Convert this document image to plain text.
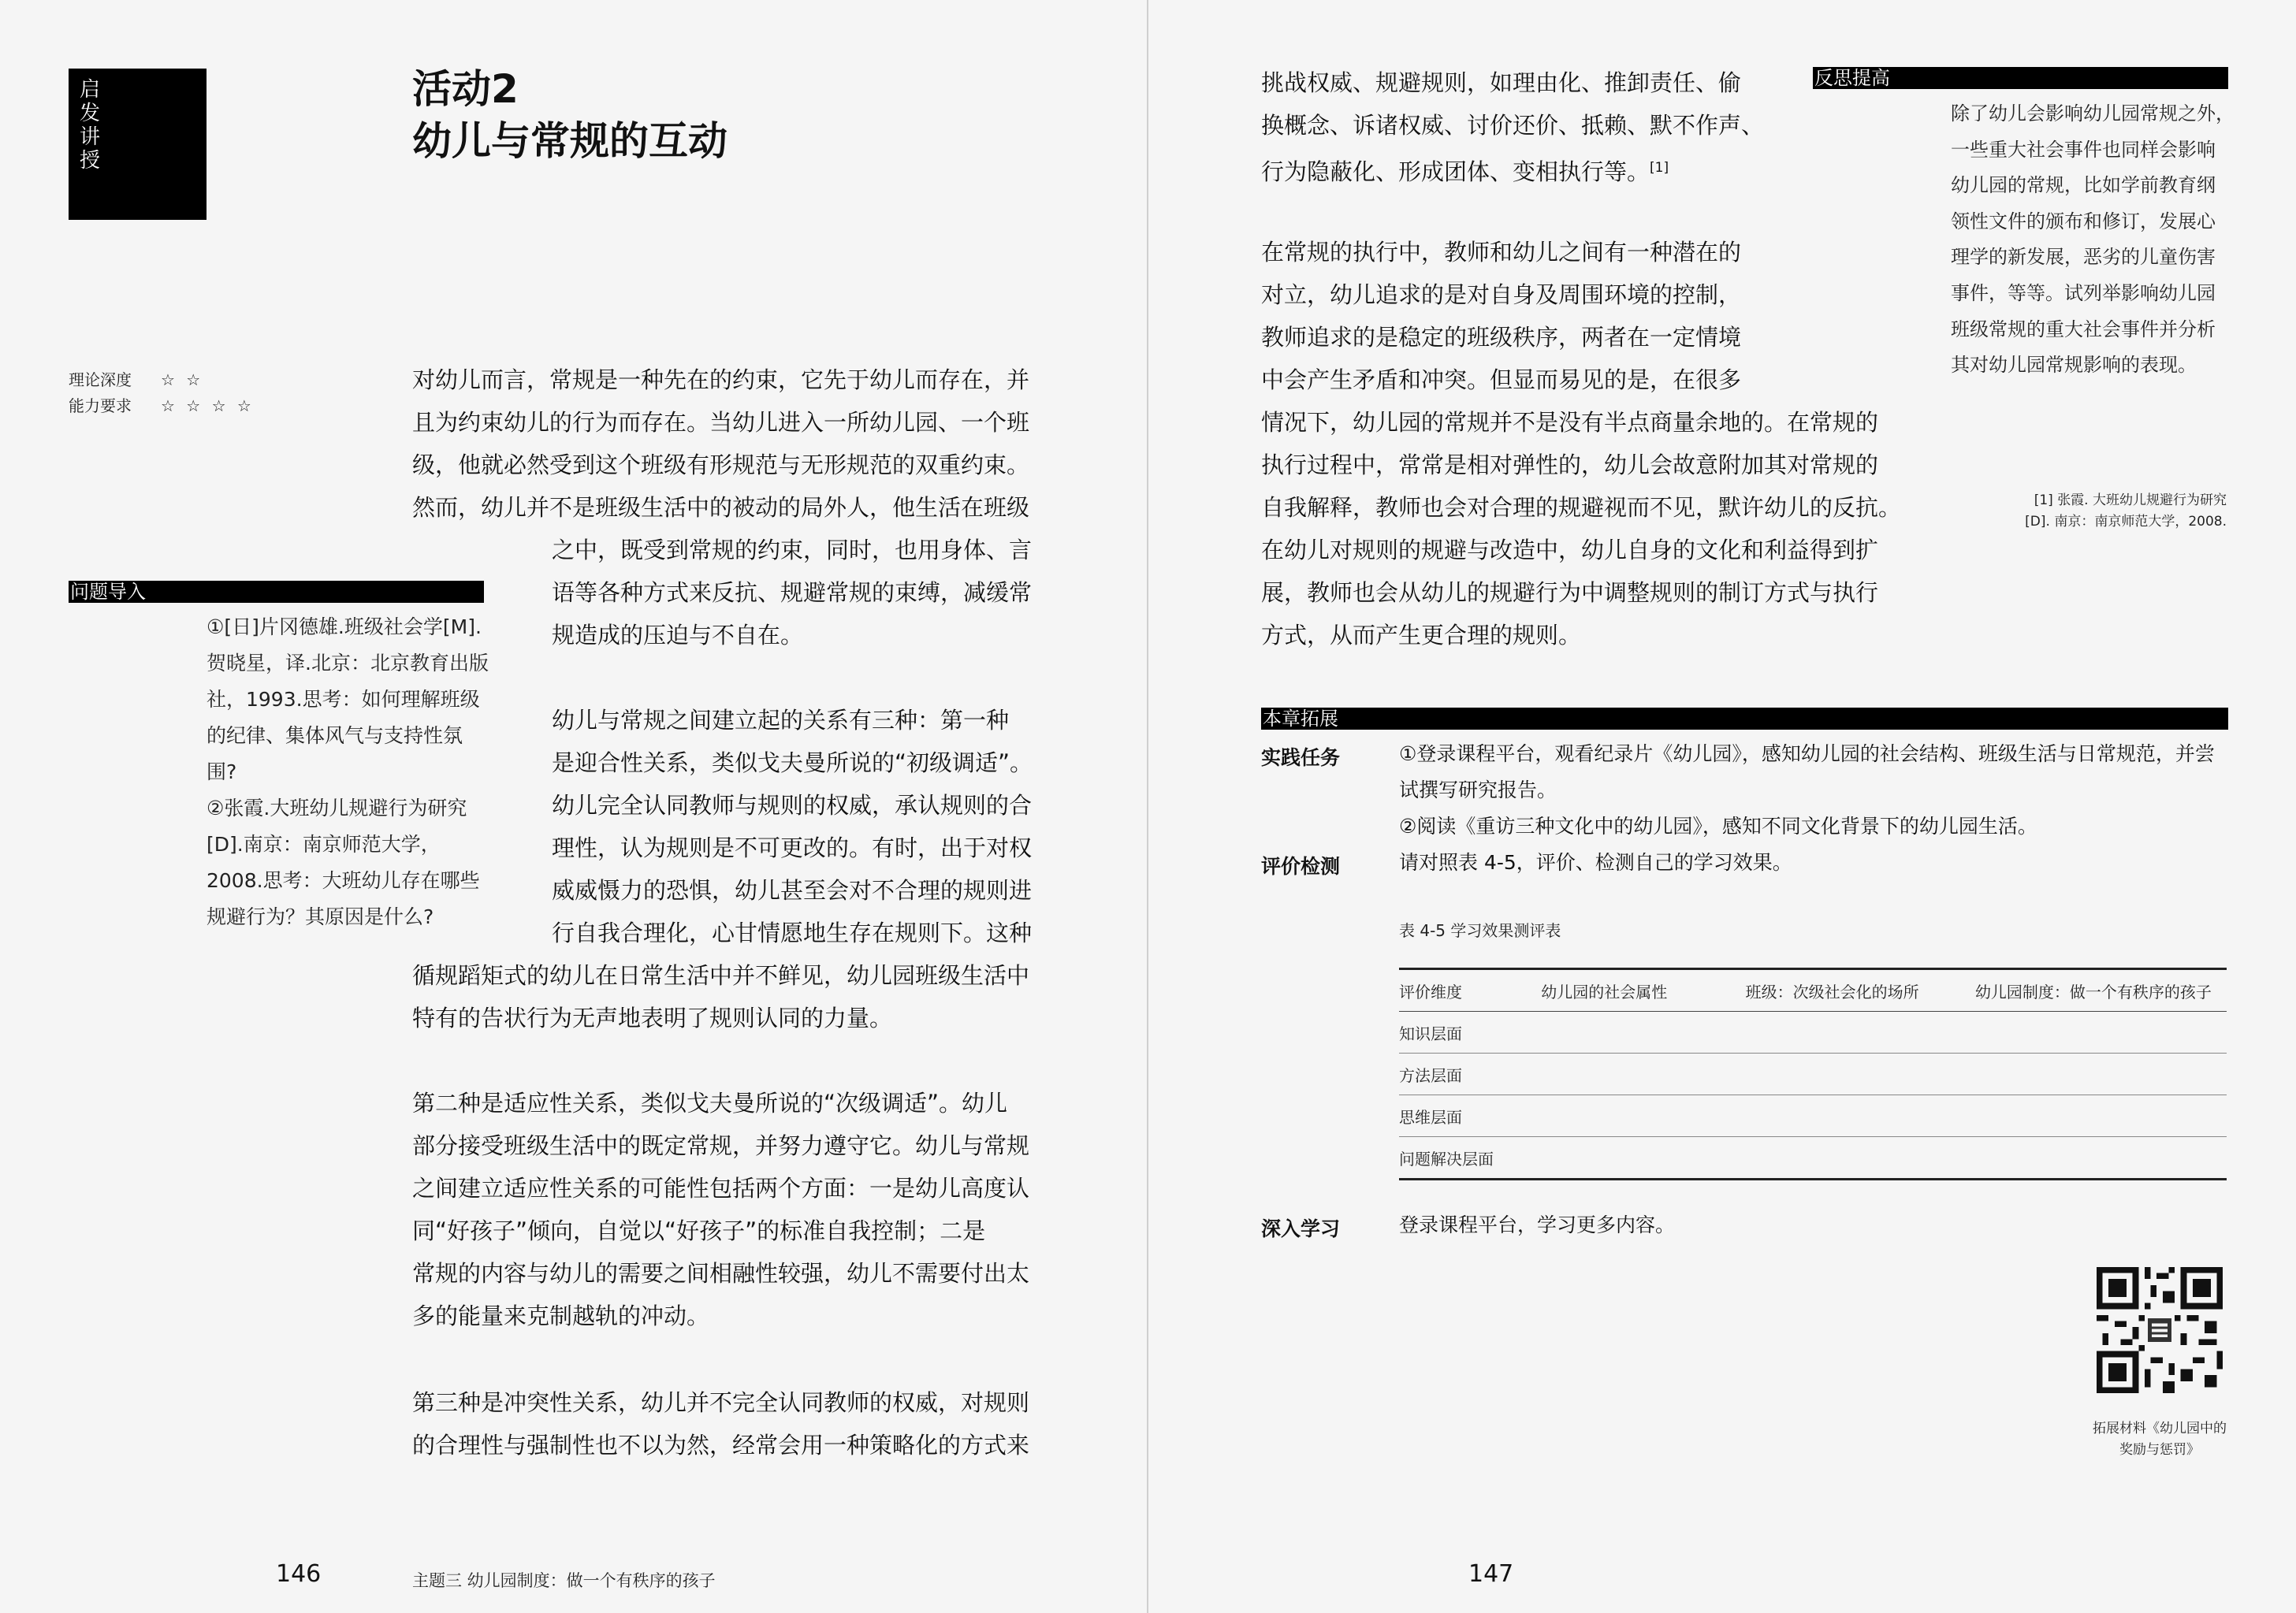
启发讲授
活动2
幼儿与常规的互动
理论深度	☆ ☆
能力要求	☆ ☆ ☆ ☆
问题导入
①[日]片冈德雄.班级社会学[M].贺晓星，译.北京：北京教育出版社，1993.思考：如何理解班级的纪律、集体风气与支持性氛围?
②张霞.大班幼儿规避行为研究[D].南京：南京师范大学，2008.思考：大班幼儿存在哪些规避行为？其原因是什么?
对幼儿而言，常规是一种先在的约束，它先于幼儿而存在，并
且为约束幼儿的行为而存在。当幼儿进入一所幼儿园、一个班
级，他就必然受到这个班级有形规范与无形规范的双重约束。
然而，幼儿并不是班级生活中的被动的局外人，他生活在班级
之中，既受到常规的约束，同时，也用身体、言
语等各种方式来反抗、规避常规的束缚，减缓常
规造成的压迫与不自在。
幼儿与常规之间建立起的关系有三种：第一种
是迎合性关系，类似戈夫曼所说的“初级调适”。
幼儿完全认同教师与规则的权威，承认规则的合
理性，认为规则是不可更改的。有时，出于对权
威威慑力的恐惧，幼儿甚至会对不合理的规则进
行自我合理化，心甘情愿地生存在规则下。这种
循规蹈矩式的幼儿在日常生活中并不鲜见，幼儿园班级生活中
特有的告状行为无声地表明了规则认同的力量。
第二种是适应性关系，类似戈夫曼所说的“次级调适”。幼儿
部分接受班级生活中的既定常规，并努力遵守它。幼儿与常规
之间建立适应性关系的可能性包括两个方面：一是幼儿高度认
同“好孩子”倾向，自觉以“好孩子”的标准自我控制；二是
常规的内容与幼儿的需要之间相融性较强，幼儿不需要付出太
多的能量来克制越轨的冲动。
第三种是冲突性关系，幼儿并不完全认同教师的权威，对规则
的合理性与强制性也不以为然，经常会用一种策略化的方式来
146	主题三 幼儿园制度：做一个有秩序的孩子
挑战权威、规避规则，如理由化、推卸责任、偷
换概念、诉诸权威、讨价还价、抵赖、默不作声、
行为隐蔽化、形成团体、变相执行等。[1]
在常规的执行中，教师和幼儿之间有一种潜在的
对立，幼儿追求的是对自身及周围环境的控制，
教师追求的是稳定的班级秩序，两者在一定情境
中会产生矛盾和冲突。但显而易见的是，在很多
情况下，幼儿园的常规并不是没有半点商量余地的。在常规的
执行过程中，常常是相对弹性的，幼儿会故意附加其对常规的
自我解释，教师也会对合理的规避视而不见，默许幼儿的反抗。
在幼儿对规则的规避与改造中，幼儿自身的文化和利益得到扩
展，教师也会从幼儿的规避行为中调整规则的制订方式与执行
方式，从而产生更合理的规则。
反思提高
除了幼儿会影响幼儿园常规之外，
一些重大社会事件也同样会影响
幼儿园的常规，比如学前教育纲
领性文件的颁布和修订，发展心
理学的新发展，恶劣的儿童伤害
事件，等等。试列举影响幼儿园
班级常规的重大社会事件并分析
其对幼儿园常规影响的表现。
[1] 张霞. 大班幼儿规避行为研究
[D]. 南京：南京师范大学，2008.
本章拓展
实践任务	①登录课程平台，观看纪录片《幼儿园》，感知幼儿园的社会结构、班级生活与日常规范，并尝
试撰写研究报告。
②阅读《重访三种文化中的幼儿园》，感知不同文化背景下的幼儿园生活。
评价检测	请对照表 4-5，评价、检测自己的学习效果。
表 4-5 学习效果测评表
评价维度		幼儿园的社会属性		班级：次级社会化的场所		幼儿园制度：做一个有秩序的孩子
知识层面						
方法层面						
思维层面						
问题解决层面						
深入学习	登录课程平台，学习更多内容。
拓展材料《幼儿园中的
奖励与惩罚》
147
